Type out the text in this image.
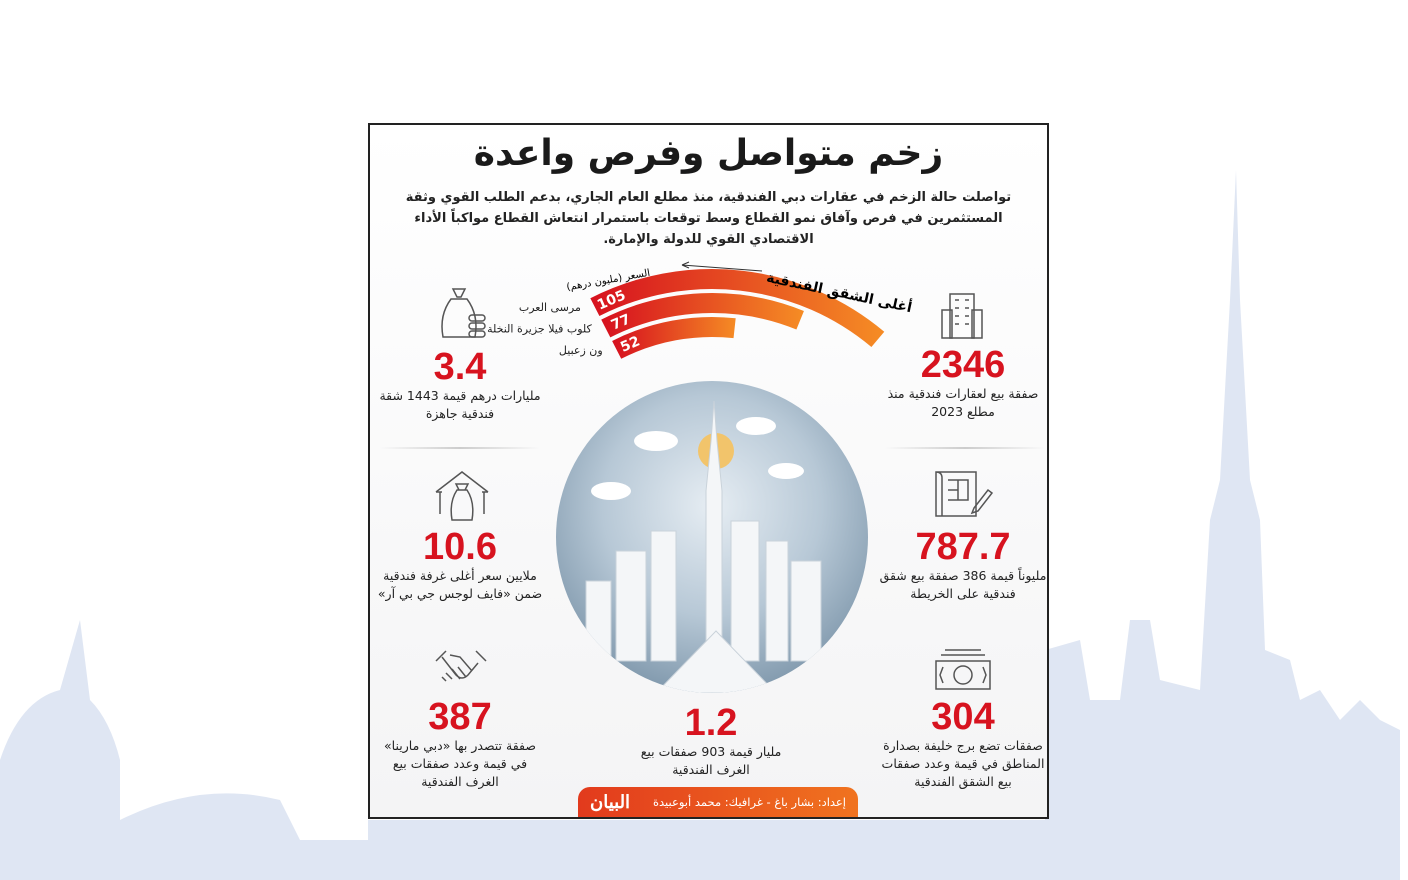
زخم متواصل وفرص واعدة
تواصلت حالة الزخم في عقارات دبي الفندقية، منذ مطلع العام الجاري، بدعم الطلب القوي وثقة المستثمرين في فرص وآفاق نمو القطاع وسط توقعات باستمرار انتعاش القطاع مواكباً الأداء الاقتصادي القوي للدولة والإمارة.
105
مرسى العرب
77
كلوب فيلا جزيرة النخلة
52
ون زعبيل
أغلى الشقق الفندقية
السعر (مليون درهم)
2346
صفقة بيع لعقارات فندقية منذ مطلع 2023
787.7
مليوناً قيمة 386 صفقة بيع شقق فندقية على الخريطة
304
صفقات تضع برج خليفة بصدارة المناطق في قيمة وعدد صفقات بيع الشقق الفندقية
3.4
مليارات درهم قيمة 1443 شقة فندقية جاهزة
10.6
ملايين سعر أغلى غرفة فندقية ضمن «فايف لوجس جي بي آر»
387
صفقة تتصدر بها «دبي مارينا» في قيمة وعدد صفقات بيع الغرف الفندقية
1.2
مليار قيمة 903 صفقات بيع الغرف الفندقية
إعداد: بشار باغ - غرافيك: محمد أبوعبيدة
البيان
